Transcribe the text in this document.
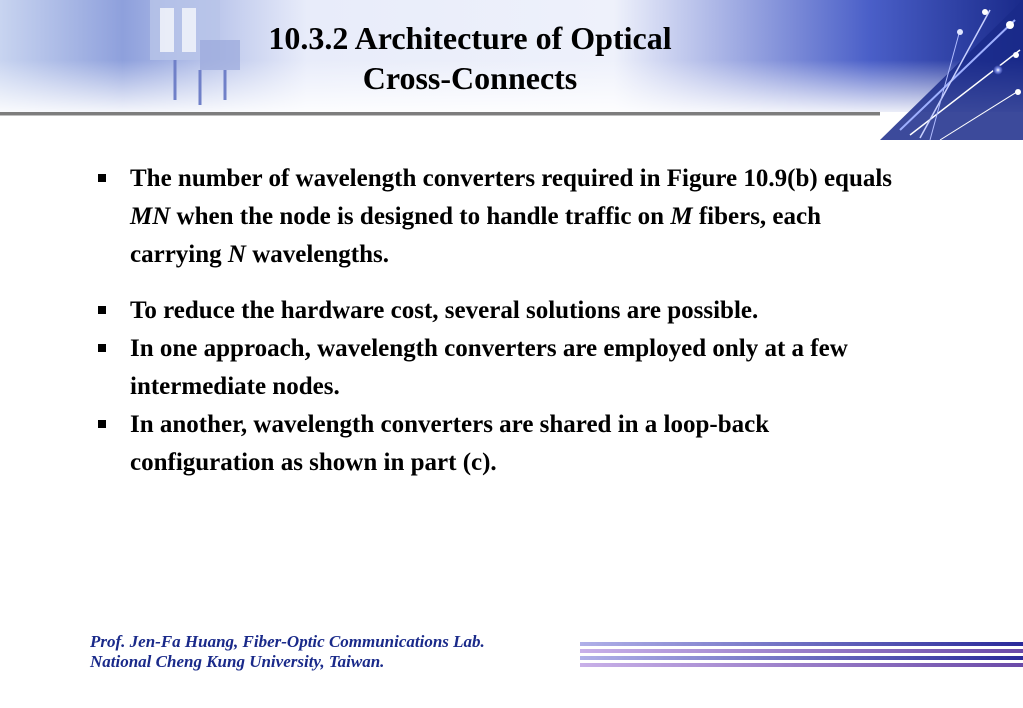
10.3.2 Architecture of Optical
Cross-Connects
The number of wavelength converters required in Figure 10.9(b) equals MN when the node is designed to handle traffic on M fibers, each carrying N wavelengths.
To reduce the hardware cost, several solutions are possible.
In one approach, wavelength converters are employed only at a few intermediate nodes.
In another, wavelength converters are shared in a loop-back configuration as shown in part (c).
Prof. Jen-Fa Huang, Fiber-Optic Communications Lab.
National Cheng Kung University, Taiwan.
